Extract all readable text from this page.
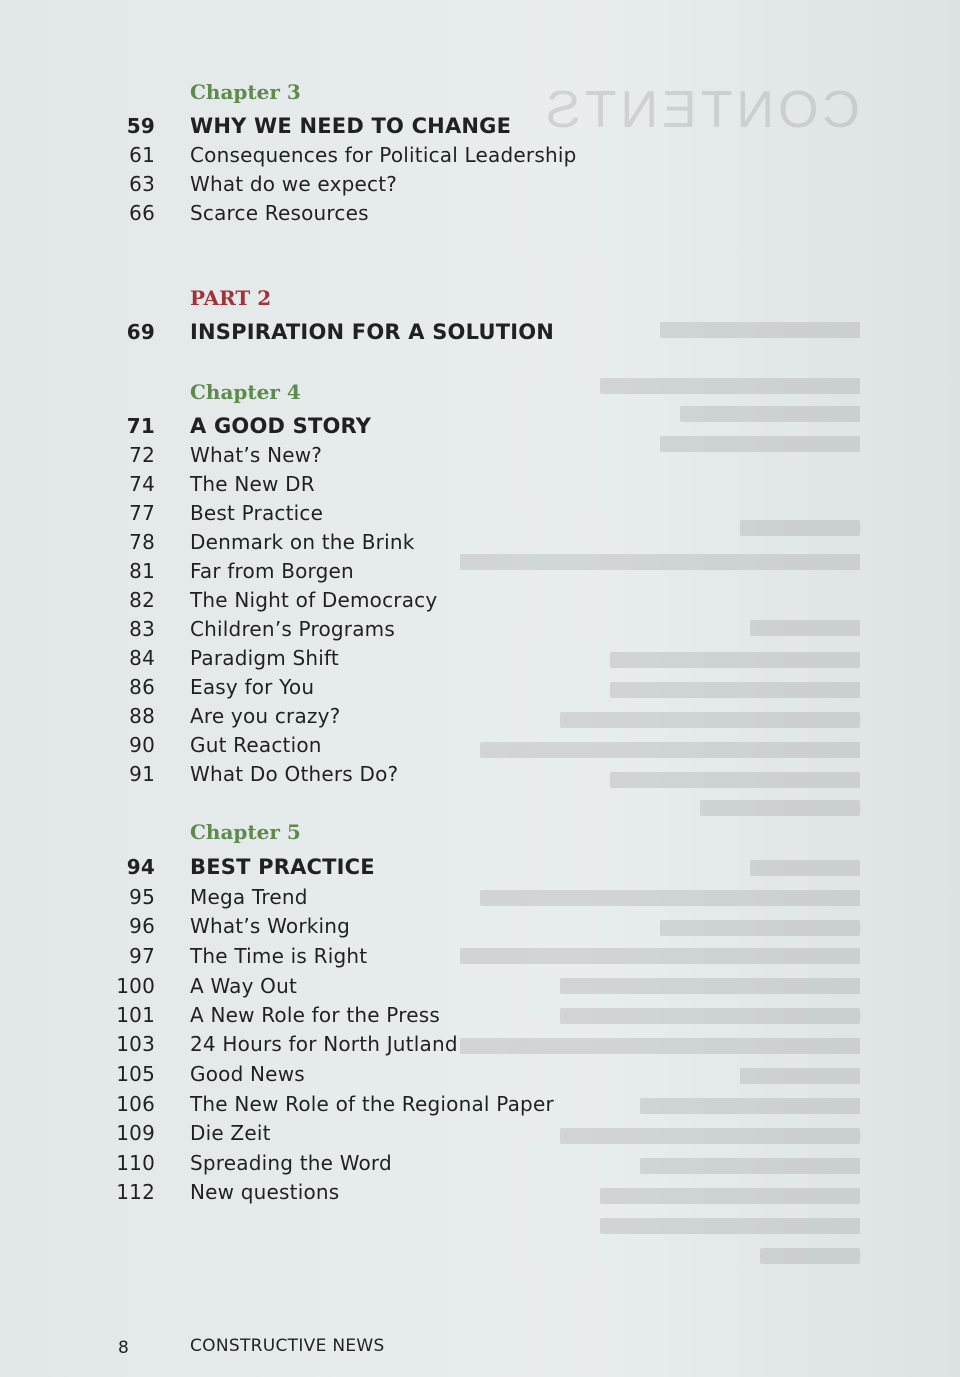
CONTENTS
Chapter 3
59 WHY WE NEED TO CHANGE
61 Consequences for Political Leadership
63 What do we expect?
66 Scarce Resources
PART 2
69 INSPIRATION FOR A SOLUTION
Chapter 4
71 A GOOD STORY
72 What’s New?
74 The New DR
77 Best Practice
78 Denmark on the Brink
81 Far from Borgen
82 The Night of Democracy
83 Children’s Programs
84 Paradigm Shift
86 Easy for You
88 Are you crazy?
90 Gut Reaction
91 What Do Others Do?
Chapter 5
94 BEST PRACTICE
95 Mega Trend
96 What’s Working
97 The Time is Right
100 A Way Out
101 A New Role for the Press
103 24 Hours for North Jutland
105 Good News
106 The New Role of the Regional Paper
109 Die Zeit
110 Spreading the Word
112 New questions
8	CONSTRUCTIVE NEWS
